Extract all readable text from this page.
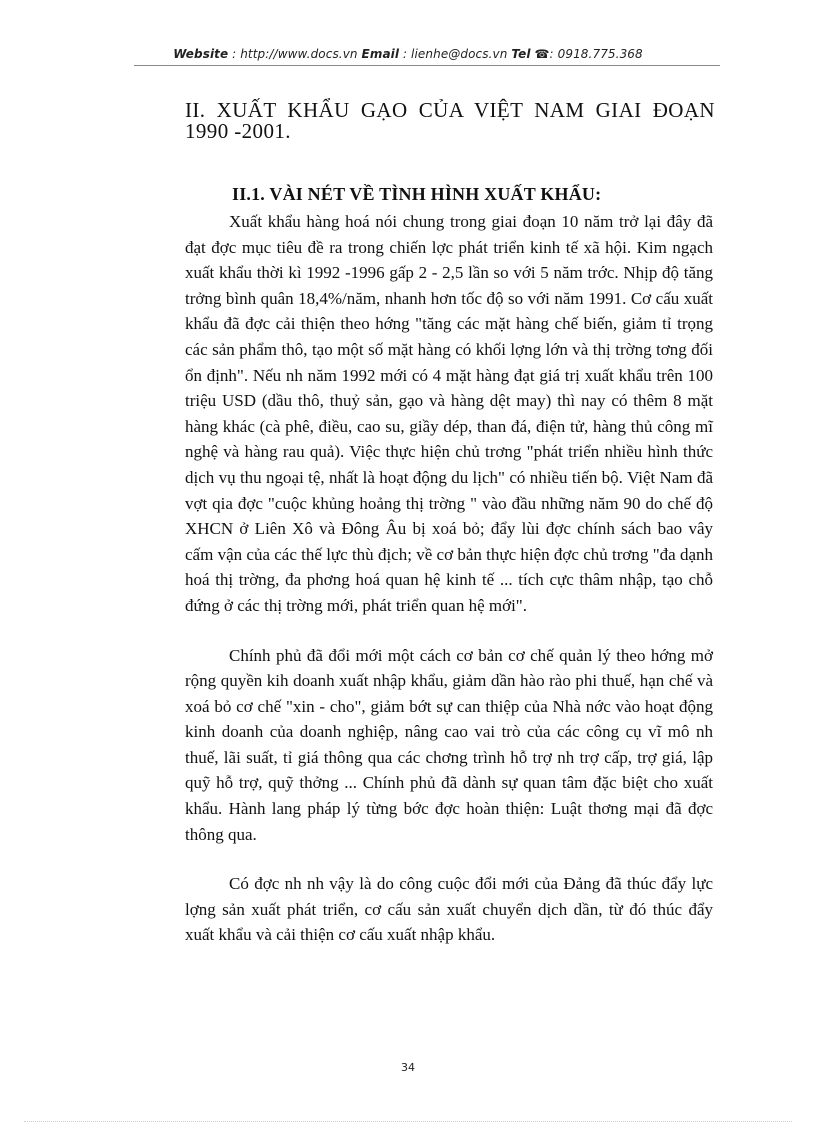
Website : http://www.docs.vn Email : lienhe@docs.vn Tel ☎: 0918.775.368
II. XUẤT KHẨU GẠO CỦA VIỆT NAM GIAI ĐOẠN 1990 -2001.
II.1. VÀI NÉT VỀ TÌNH HÌNH XUẤT KHẨU:

Xuất khẩu hàng hoá nói chung trong giai đoạn 10 năm trở lại đây đã đạt đợc mục tiêu đề ra trong chiến lợc phát triển kinh tế xã hội. Kim ngạch xuất khẩu thời kì 1992 -1996 gấp 2 - 2,5 lần so với 5 năm trớc. Nhịp độ tăng trởng bình quân 18,4%/năm, nhanh hơn tốc độ so với năm 1991. Cơ cấu xuất khẩu đã đợc cải thiện theo hớng "tăng các mặt hàng chế biến, giảm tỉ trọng các sản phẩm thô, tạo một số mặt hàng có khối lợng lớn và thị trờng tơng đối ổn định". Nếu nh năm 1992 mới có 4 mặt hàng đạt giá trị xuất khẩu trên 100 triệu USD (dầu thô, thuỷ sản, gạo và hàng dệt may) thì nay có thêm 8 mặt hàng khác (cà phê, điều, cao su, giầy dép, than đá, điện tử, hàng thủ công mĩ nghệ và hàng rau quả). Việc thực hiện chủ trơng "phát triển nhiều hình thức dịch vụ thu ngoại tệ, nhất là hoạt động du lịch" có nhiều tiến bộ. Việt Nam đã vợt qia đợc "cuộc khủng hoảng thị trờng " vào đầu những năm 90 do chế độ XHCN ở Liên Xô và Đông Âu bị xoá bỏ; đẩy lùi đợc chính sách bao vây cấm vận của các thế lực thù địch; về cơ bản thực hiện đợc chủ trơng "đa dạnh hoá thị trờng, đa phơng hoá quan hệ kinh tế ... tích cực thâm nhập, tạo chỗ đứng ở các thị trờng mới, phát triển quan hệ mới".

Chính phủ đã đổi mới một cách cơ bản cơ chế quản lý theo hớng mở rộng quyền kih doanh xuất nhập khẩu, giảm dần hào rào phi thuế, hạn chế và xoá bỏ cơ chế "xin - cho", giảm bớt sự can thiệp của Nhà nớc vào hoạt động kinh doanh của doanh nghiệp, nâng cao vai trò của các công cụ vĩ mô nh thuế, lãi suất, tỉ giá thông qua các chơng trình hỗ trợ nh trợ cấp, trợ giá, lập quỹ hỗ trợ, quỹ thởng ... Chính phủ đã dành sự quan tâm đặc biệt cho xuất khẩu. Hành lang pháp lý từng bớc đợc hoàn thiện: Luật thơng mại đã đợc thông qua.

Có đợc nh nh vậy là do công cuộc đổi mới của Đảng đã thúc đẩy lực lợng sản xuất phát triển, cơ cấu sản xuất chuyển dịch dần, từ đó thúc đẩy xuất khẩu và cải thiện cơ cấu xuất nhập khẩu.

34
